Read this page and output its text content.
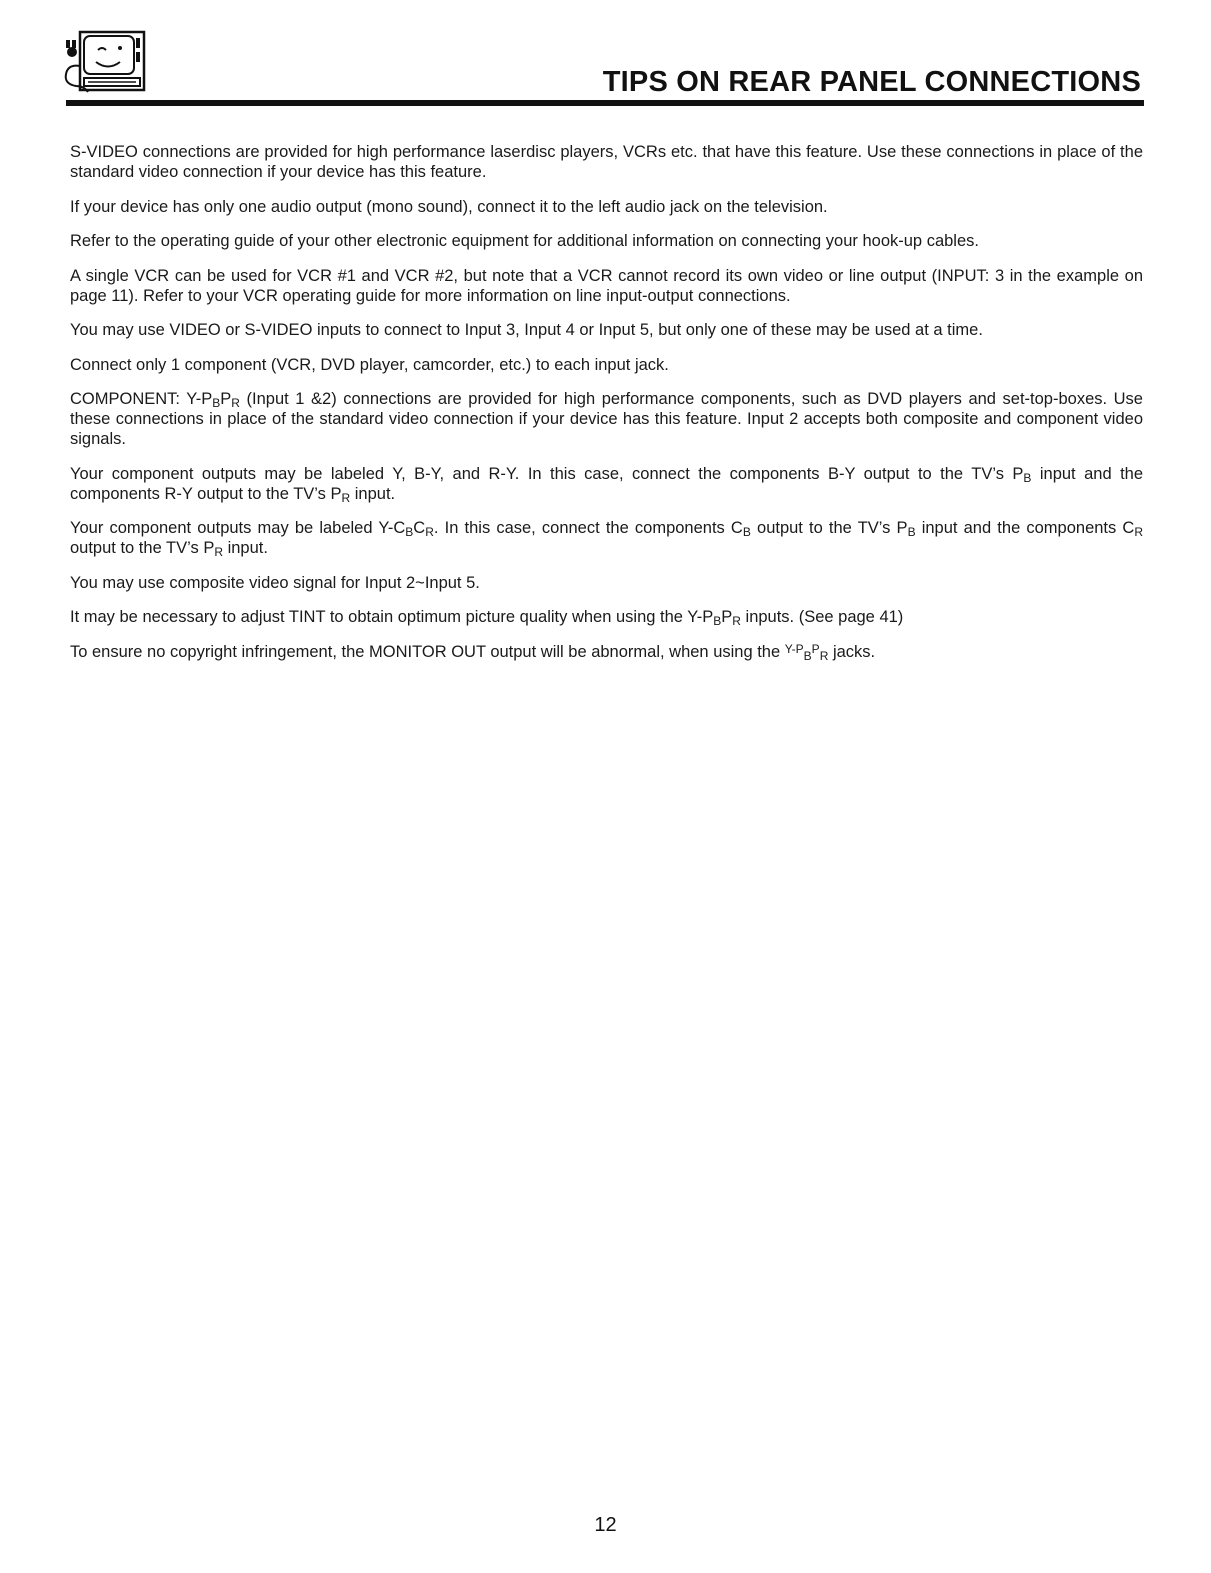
TIPS ON REAR PANEL CONNECTIONS

S-VIDEO connections are provided for high performance laserdisc players, VCRs etc. that have this feature. Use these connections in place of the standard video connection if your device has this feature.

If your device has only one audio output (mono sound), connect it to the left audio jack on the television.

Refer to the operating guide of your other electronic equipment for additional information on connecting your hook-up cables.

A single VCR can be used for VCR #1 and VCR #2, but note that a VCR cannot record its own video or line output (INPUT: 3 in the example on page 11). Refer to your VCR operating guide for more information on line input-output connections.

You may use VIDEO or S-VIDEO inputs to connect to Input 3, Input 4 or Input 5, but only one of these may be used at a time.

Connect only 1 component (VCR, DVD player, camcorder, etc.) to each input jack.

COMPONENT: $Y-P_BP_R$ (Input 1 &2) connections are provided for high performance components, such as DVD players and set-top-boxes. Use these connections in place of the standard video connection if your device has this feature. Input 2 accepts both composite and component video signals.

Your component outputs may be labeled Y, B-Y, and R-Y. In this case, connect the components B-Y output to the TV’s $P_B$ input and the components R-Y output to the TV’s $P_R$ input.

Your component outputs may be labeled $Y-C_BC_R$. In this case, connect the components $C_B$ output to the TV’s $P_B$ input and the components $C_R$ output to the TV’s $P_R$ input.

You may use composite video signal for Input 2~Input 5.

It may be necessary to adjust TINT to obtain optimum picture quality when using the $Y-P_BP_R$ inputs. (See page 41)

To ensure no copyright infringement, the MONITOR OUT output will be abnormal, when using the $^{Y-P}_B^P_R$ jacks.

12
